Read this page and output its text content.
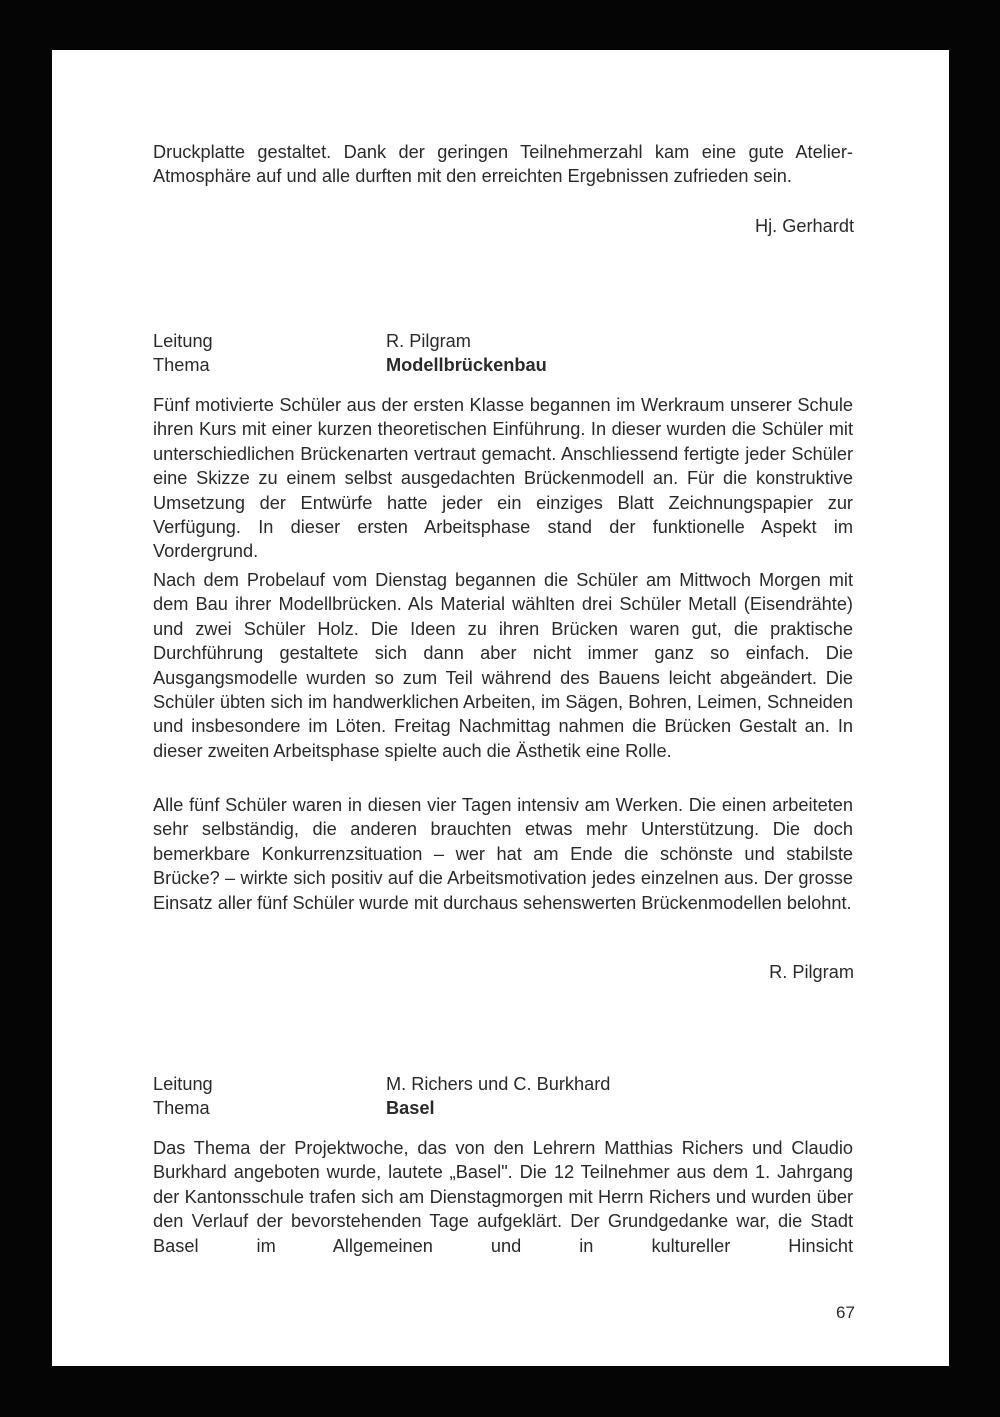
Druckplatte gestaltet. Dank der geringen Teilnehmerzahl kam eine gute Atelier-Atmosphäre auf und alle durften mit den erreichten Ergebnissen zufrieden sein.

Hj. Gerhardt
Leitung	R. Pilgram
Thema	Modellbrückenbau

Fünf motivierte Schüler aus der ersten Klasse begannen im Werkraum unserer Schule ihren Kurs mit einer kurzen theoretischen Einführung. In dieser wurden die Schüler mit unterschiedlichen Brückenarten vertraut gemacht. Anschliessend fertigte jeder Schüler eine Skizze zu einem selbst ausgedachten Brückenmodell an. Für die konstruktive Umsetzung der Entwürfe hatte jeder ein einziges Blatt Zeichnungspapier zur Verfügung. In dieser ersten Arbeitsphase stand der funktionelle Aspekt im Vordergrund.

Nach dem Probelauf vom Dienstag begannen die Schüler am Mittwoch Morgen mit dem Bau ihrer Modellbrücken. Als Material wählten drei Schüler Metall (Eisendrähte) und zwei Schüler Holz. Die Ideen zu ihren Brücken waren gut, die praktische Durchführung gestaltete sich dann aber nicht immer ganz so einfach. Die Ausgangsmodelle wurden so zum Teil während des Bauens leicht abgeändert. Die Schüler übten sich im handwerklichen Arbeiten, im Sägen, Bohren, Leimen, Schneiden und insbesondere im Löten. Freitag Nachmittag nahmen die Brücken Gestalt an. In dieser zweiten Arbeitsphase spielte auch die Ästhetik eine Rolle.

Alle fünf Schüler waren in diesen vier Tagen intensiv am Werken. Die einen arbeiteten sehr selbständig, die anderen brauchten etwas mehr Unterstützung. Die doch bemerkbare Konkurrenzsituation – wer hat am Ende die schönste und stabilste Brücke? – wirkte sich positiv auf die Arbeitsmotivation jedes einzelnen aus. Der grosse Einsatz aller fünf Schüler wurde mit durchaus sehenswerten Brückenmodellen belohnt.

R. Pilgram
Leitung	M. Richers und C. Burkhard
Thema	Basel

Das Thema der Projektwoche, das von den Lehrern Matthias Richers und Claudio Burkhard angeboten wurde, lautete „Basel". Die 12 Teilnehmer aus dem 1. Jahrgang der Kantonsschule trafen sich am Dienstagmorgen mit Herrn Richers und wurden über den Verlauf der bevorstehenden Tage aufgeklärt. Der Grundgedanke war, die Stadt Basel im Allgemeinen und in kultureller Hinsicht

67
